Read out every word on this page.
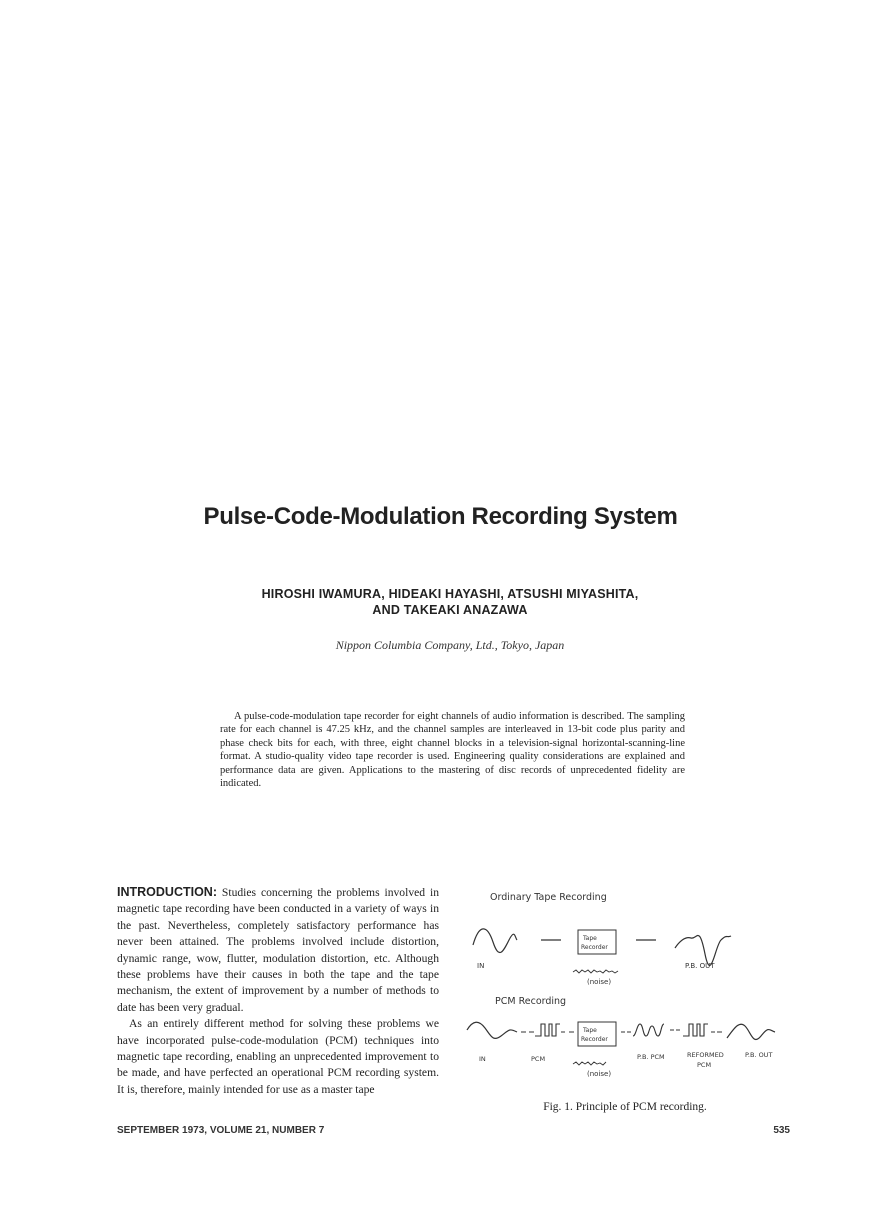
Pulse-Code-Modulation Recording System
HIROSHI IWAMURA, HIDEAKI HAYASHI, ATSUSHI MIYASHITA,
AND TAKEAKI ANAZAWA
Nippon Columbia Company, Ltd., Tokyo, Japan

A pulse-code-modulation tape recorder for eight channels of audio information is described. The sampling rate for each channel is 47.25 kHz, and the channel samples are interleaved in 13-bit code plus parity and phase check bits for each, with three, eight channel blocks in a television-signal horizontal-scanning-line format. A studio-quality video tape recorder is used. Engineering quality considerations are explained and performance data are given. Applications to the mastering of disc records of unprecedented fidelity are indicated.

INTRODUCTION: Studies concerning the problems involved in magnetic tape recording have been conducted in a variety of ways in the past. Nevertheless, completely satisfactory performance has never been attained. The problems involved include distortion, dynamic range, wow, flutter, modulation distortion, etc. Although these problems have their causes in both the tape and the tape mechanism, the extent of improvement by a number of methods to date has been very gradual.

As an entirely different method for solving these problems we have incorporated pulse-code-modulation (PCM) techniques into magnetic tape recording, enabling an unprecedented improvement to be made, and have perfected an operational PCM recording system. It is, therefore, mainly intended for use as a master tape

Ordinary Tape Recording
Tape
Recorder
IN	P.B. OUT
(noise)
PCM Recording
Tape
Recorder
IN	PCM	P.B. PCM	REFORMED
PCM
P.B. OUT
(noise)
Fig. 1. Principle of PCM recording.
SEPTEMBER 1973, VOLUME 21, NUMBER 7	535
